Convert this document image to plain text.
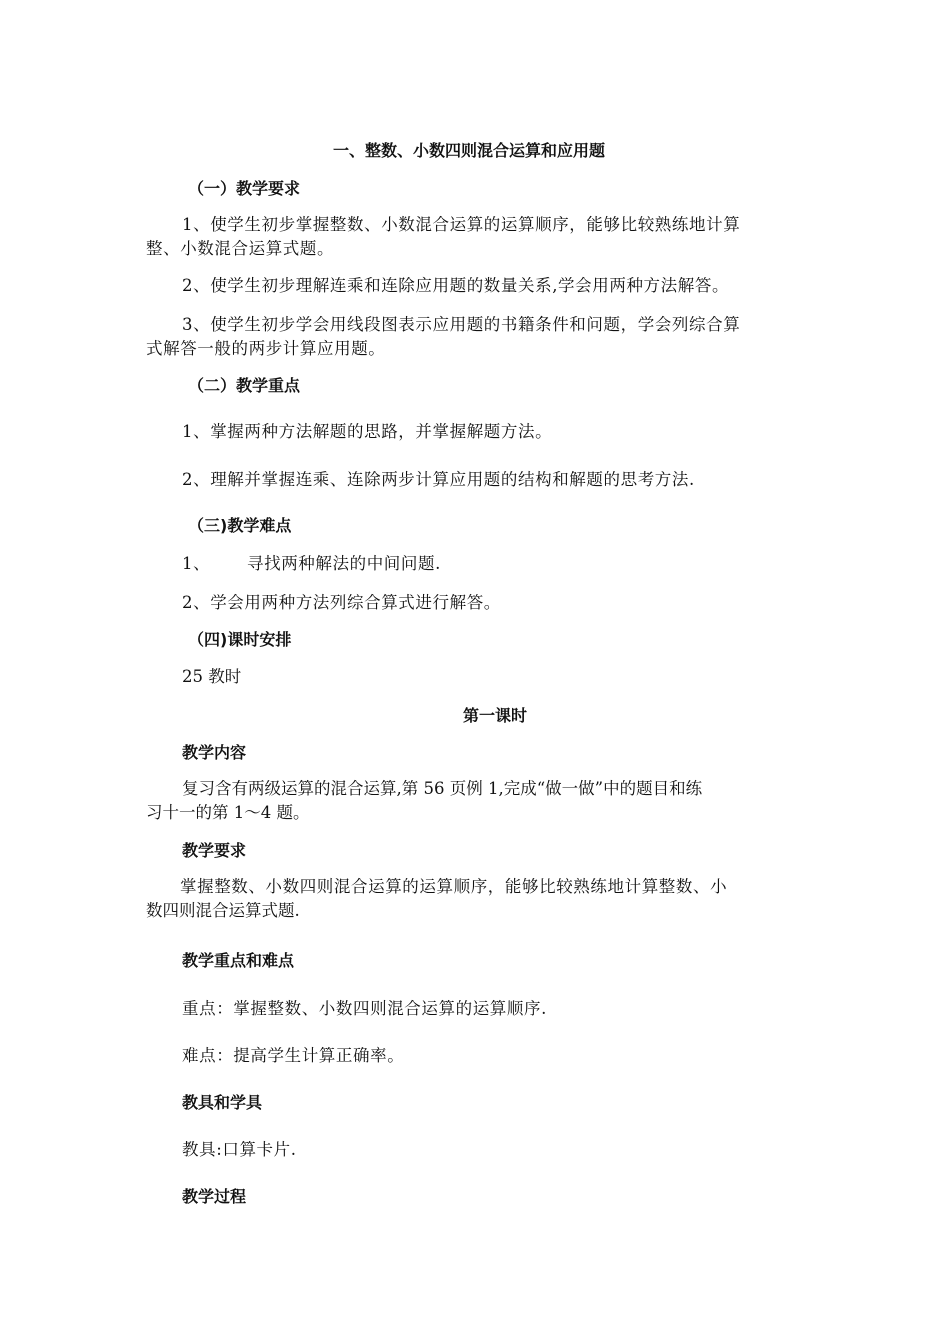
一、整数、小数四则混合运算和应用题
（一）教学要求
1、使学生初步掌握整数、小数混合运算的运算顺序，能够比较熟练地计算
整、小数混合运算式题。
2、使学生初步理解连乘和连除应用题的数量关系,学会用两种方法解答。
3、使学生初步学会用线段图表示应用题的书籍条件和问题，学会列综合算
式解答一般的两步计算应用题。
（二）教学重点
1、掌握两种方法解题的思路，并掌握解题方法。
2、理解并掌握连乘、连除两步计算应用题的结构和解题的思考方法.
（三)教学难点
1、 寻找两种解法的中间问题.
2、学会用两种方法列综合算式进行解答。
（四)课时安排
25 教时
第一课时
教学内容
复习含有两级运算的混合运算,第 56 页例 1,完成“做一做”中的题目和练
习十一的第 1～4 题。
教学要求
掌握整数、小数四则混合运算的运算顺序，能够比较熟练地计算整数、小
数四则混合运算式题.
教学重点和难点
重点：掌握整数、小数四则混合运算的运算顺序.
难点：提高学生计算正确率。
教具和学具
教具:口算卡片.
教学过程
